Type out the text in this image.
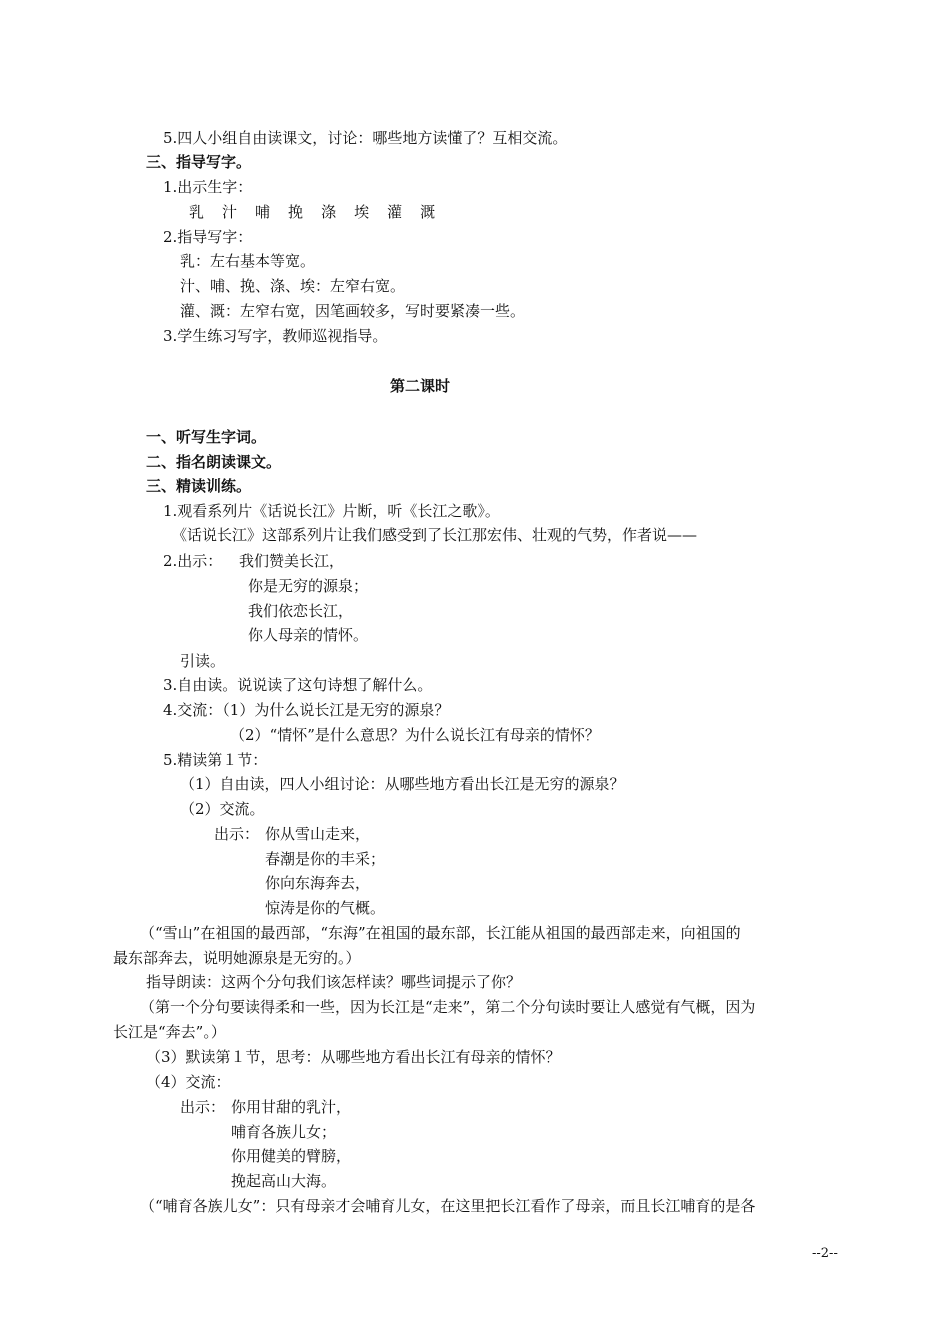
5.四人小组自由读课文，讨论：哪些地方读懂了？互相交流。
三、指导写字。
1.出示生字：
乳 汁 哺 挽 涤 埃 灌 溉
2.指导写字：
乳：左右基本等宽。
汁、哺、挽、涤、埃：左窄右宽。
灌、溉：左窄右宽，因笔画较多，写时要紧凑一些。
3.学生练习写字，教师巡视指导。
第二课时
一、听写生字词。
二、指名朗读课文。
三、精读训练。
1.观看系列片《话说长江》片断，听《长江之歌》。
《话说长江》这部系列片让我们感受到了长江那宏伟、壮观的气势，作者说——
2.出示： 我们赞美长江，
你是无穷的源泉；
我们依恋长江，
你人母亲的情怀。
引读。
3.自由读。说说读了这句诗想了解什么。
4.交流：（1）为什么说长江是无穷的源泉？
（2）“情怀”是什么意思？为什么说长江有母亲的情怀？
5.精读第１节：
（1）自由读，四人小组讨论：从哪些地方看出长江是无穷的源泉？
（2）交流。
出示： 你从雪山走来，
春潮是你的丰采；
你向东海奔去，
惊涛是你的气概。
（“雪山”在祖国的最西部，“东海”在祖国的最东部，长江能从祖国的最西部走来，向祖国的
最东部奔去，说明她源泉是无穷的。）
指导朗读：这两个分句我们该怎样读？哪些词提示了你？
（第一个分句要读得柔和一些，因为长江是“走来”，第二个分句读时要让人感觉有气概，因为
长江是“奔去”。）
（3）默读第１节，思考：从哪些地方看出长江有母亲的情怀？
（4）交流：
出示： 你用甘甜的乳汁，
哺育各族儿女；
你用健美的臂膀，
挽起高山大海。
（“哺育各族儿女”：只有母亲才会哺育儿女，在这里把长江看作了母亲，而且长江哺育的是各
--2--
